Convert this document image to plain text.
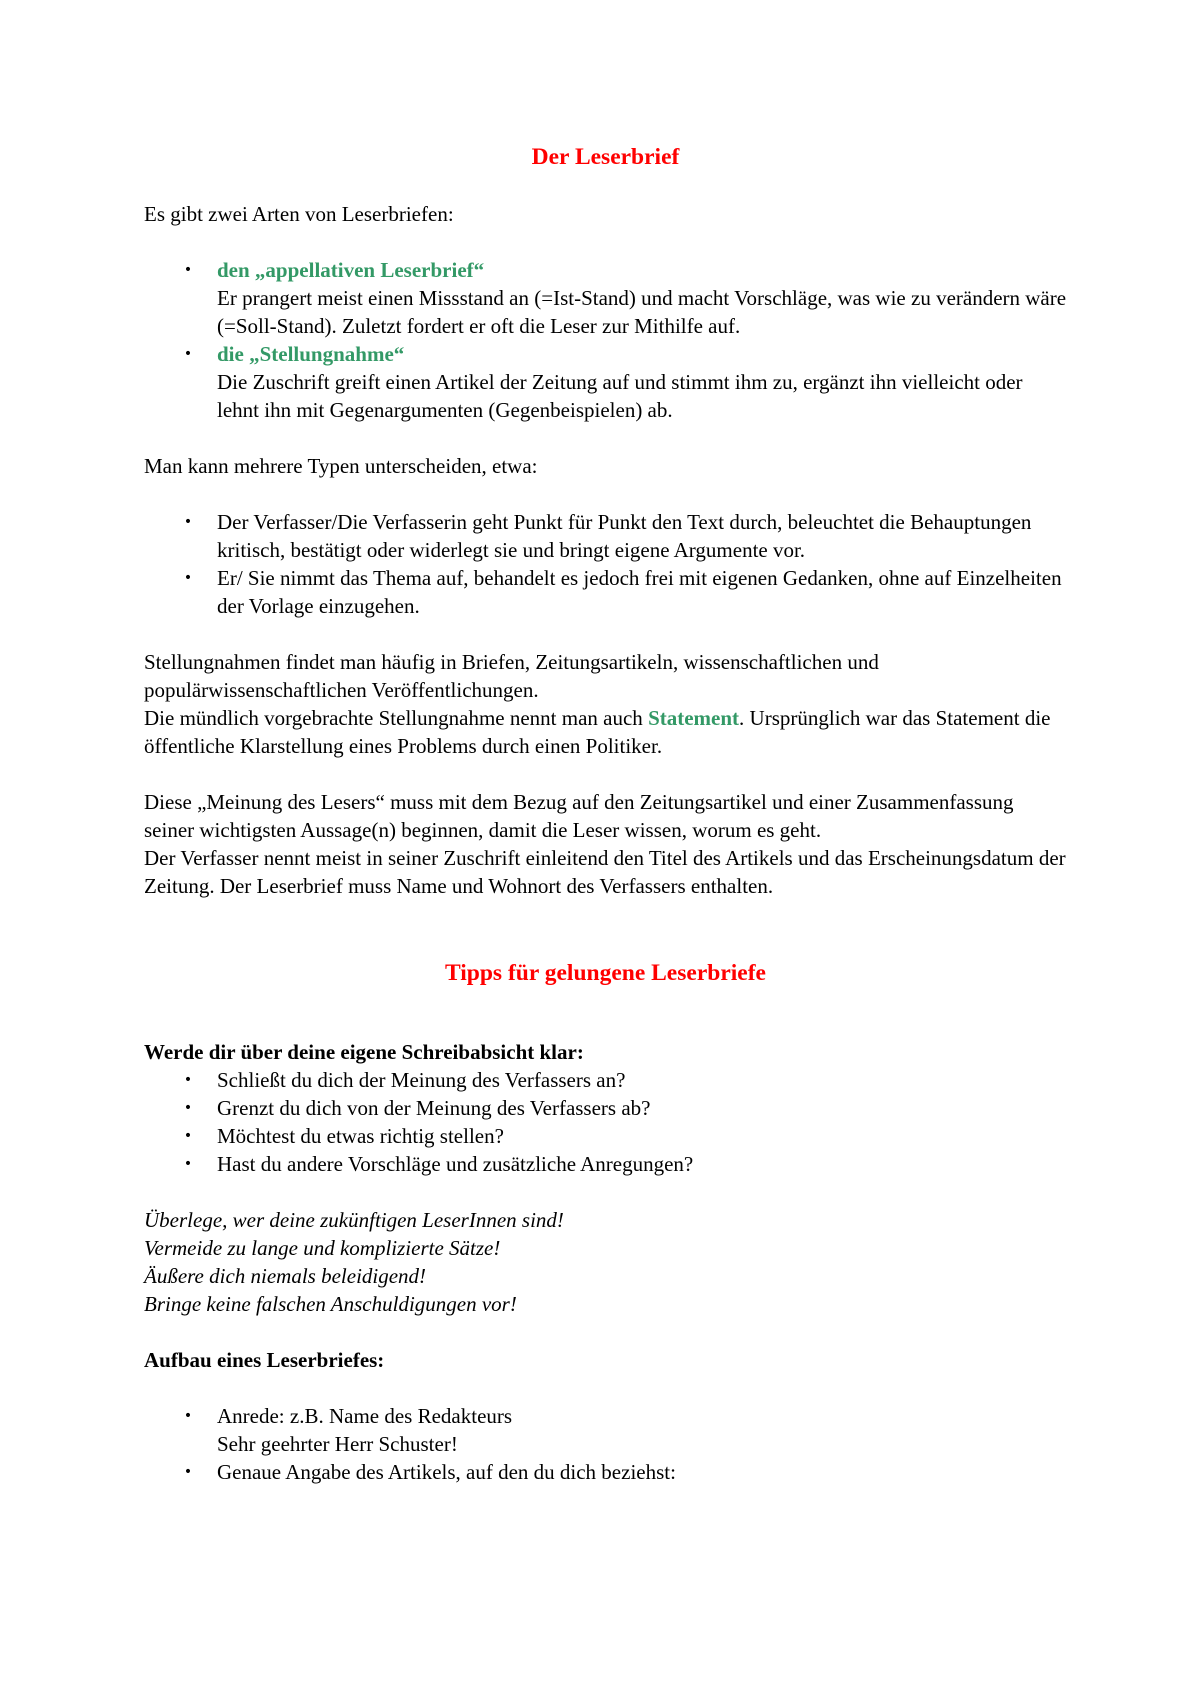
Der Leserbrief

Es gibt zwei Arten von Leserbriefen:

• den „appellativen Leserbrief“
Er prangert meist einen Missstand an (=Ist-Stand) und macht Vorschläge, was wie zu verändern wäre (=Soll-Stand). Zuletzt fordert er oft die Leser zur Mithilfe auf.
• die „Stellungnahme“
Die Zuschrift greift einen Artikel der Zeitung auf und stimmt ihm zu, ergänzt ihn vielleicht oder lehnt ihn mit Gegenargumenten (Gegenbeispielen) ab.

Man kann mehrere Typen unterscheiden, etwa:

• Der Verfasser/Die Verfasserin geht Punkt für Punkt den Text durch, beleuchtet die Behauptungen kritisch, bestätigt oder widerlegt sie und bringt eigene Argumente vor.
• Er/ Sie nimmt das Thema auf, behandelt es jedoch frei mit eigenen Gedanken, ohne auf Einzelheiten der Vorlage einzugehen.

Stellungnahmen findet man häufig in Briefen, Zeitungsartikeln, wissenschaftlichen und populärwissenschaftlichen Veröffentlichungen.
Die mündlich vorgebrachte Stellungnahme nennt man auch Statement. Ursprünglich war das Statement die öffentliche Klarstellung eines Problems durch einen Politiker.

Diese „Meinung des Lesers“ muss mit dem Bezug auf den Zeitungsartikel und einer Zusammenfassung seiner wichtigsten Aussage(n) beginnen, damit die Leser wissen, worum es geht.
Der Verfasser nennt meist in seiner Zuschrift einleitend den Titel des Artikels und das Erscheinungsdatum der Zeitung. Der Leserbrief muss Name und Wohnort des Verfassers enthalten.

Tipps für gelungene Leserbriefe

Werde dir über deine eigene Schreibabsicht klar:

• Schließt du dich der Meinung des Verfassers an?
• Grenzt du dich von der Meinung des Verfassers ab?
• Möchtest du etwas richtig stellen?
• Hast du andere Vorschläge und zusätzliche Anregungen?

Überlege, wer deine zukünftigen LeserInnen sind!
Vermeide zu lange und komplizierte Sätze!
Äußere dich niemals beleidigend!
Bringe keine falschen Anschuldigungen vor!

Aufbau eines Leserbriefes:

• Anrede: z.B. Name des Redakteurs
Sehr geehrter Herr Schuster!
• Genaue Angabe des Artikels, auf den du dich beziehst:
